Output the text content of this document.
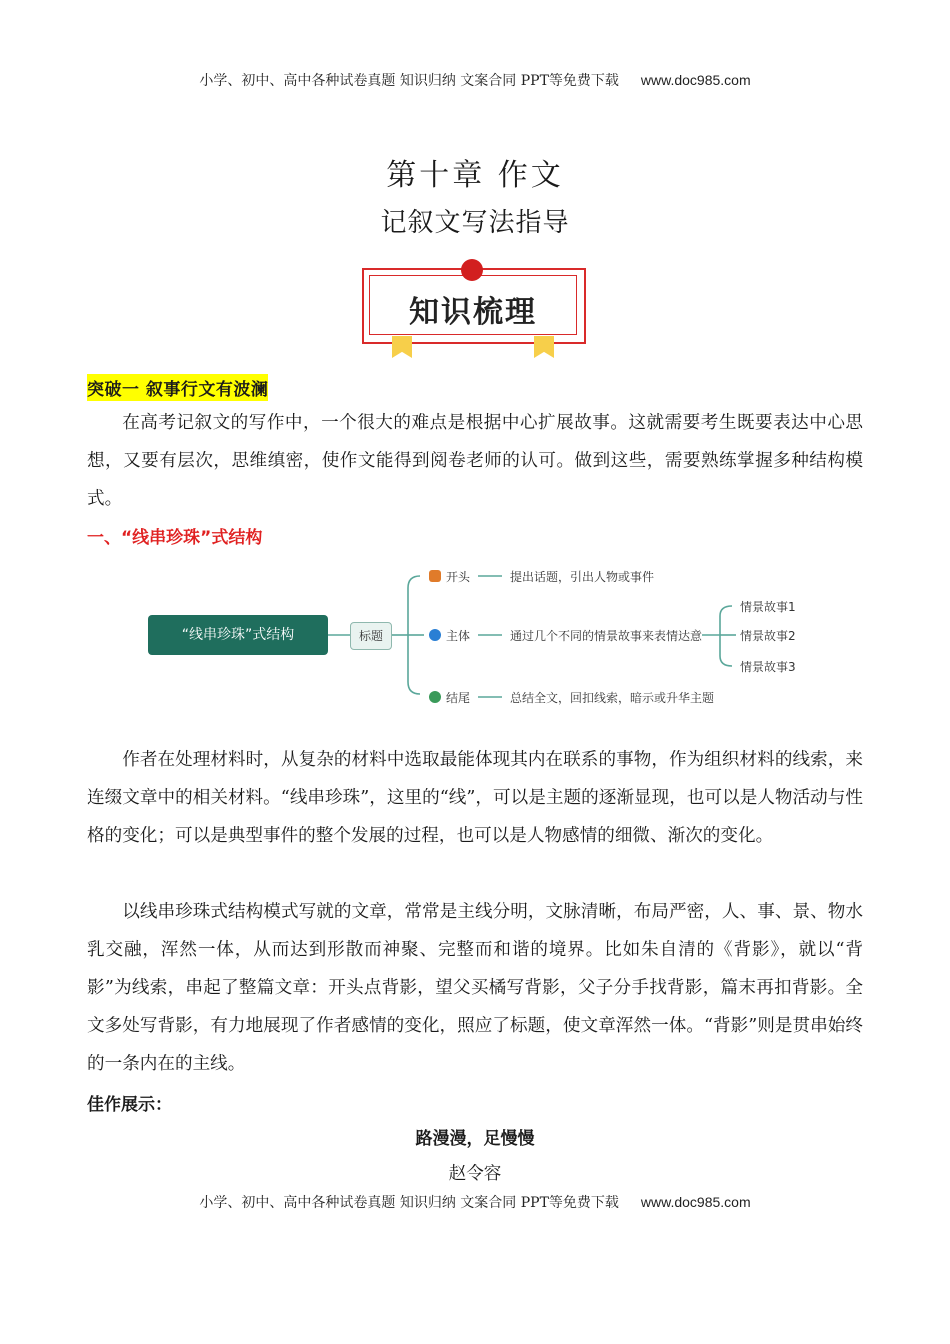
小学、初中、高中各种试卷真题 知识归纳 文案合同 PPT等免费下载 www.doc985.com
第十章 作文
记叙文写法指导
知识梳理
突破一 叙事行文有波澜

在高考记叙文的写作中，一个很大的难点是根据中心扩展故事。这就需要考生既要表达中心思想，又要有层次，思维缜密，使作文能得到阅卷老师的认可。做到这些，需要熟练掌握多种结构模式。

一、“线串珍珠”式结构
“线串珍珠”式结构	标题
开头	提出话题，引出人物或事件
主体	通过几个不同的情景故事来表情达意
结尾	总结全文，回扣线索，暗示或升华主题
情景故事1
情景故事2
情景故事3

作者在处理材料时，从复杂的材料中选取最能体现其内在联系的事物，作为组织材料的线索，来连缀文章中的相关材料。“线串珍珠”，这里的“线”，可以是主题的逐渐显现，也可以是人物活动与性格的变化；可以是典型事件的整个发展的过程，也可以是人物感情的细微、渐次的变化。

以线串珍珠式结构模式写就的文章，常常是主线分明，文脉清晰，布局严密，人、事、景、物水乳交融，浑然一体，从而达到形散而神聚、完整而和谐的境界。比如朱自清的《背影》，就以“背影”为线索，串起了整篇文章：开头点背影，望父买橘写背影，父子分手找背影，篇末再扣背影。全文多处写背影，有力地展现了作者感情的变化，照应了标题，使文章浑然一体。“背影”则是贯串始终的一条内在的主线。

佳作展示：
路漫漫，足慢慢
赵令容
小学、初中、高中各种试卷真题 知识归纳 文案合同 PPT等免费下载 www.doc985.com
